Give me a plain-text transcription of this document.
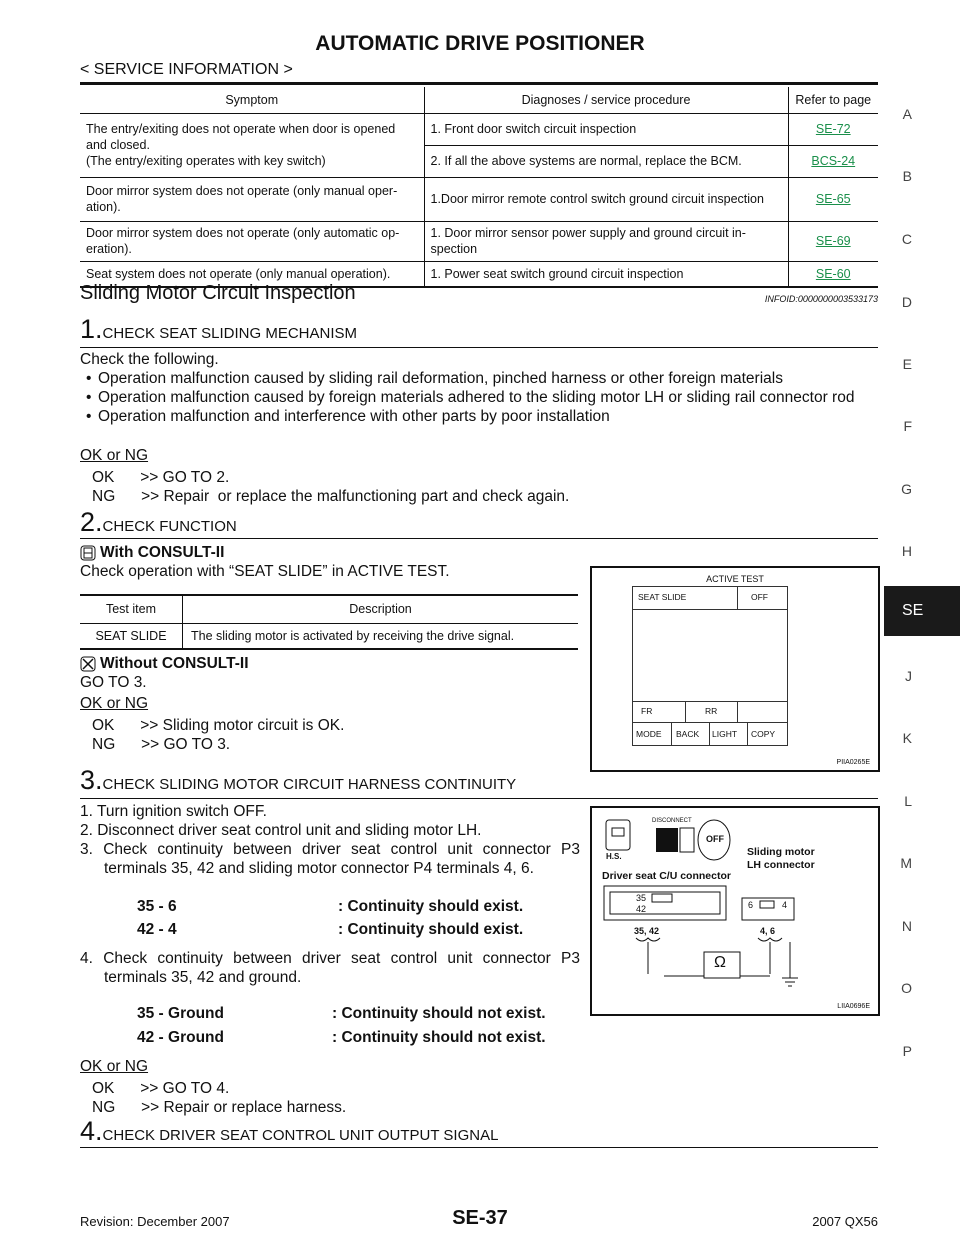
AUTOMATIC DRIVE POSITIONER
< SERVICE INFORMATION >
Symptom	Diagnoses / service procedure	Refer to page
The entry/exiting does not operate when door is opened and closed.
(The entry/exiting operates with key switch)	1. Front door switch circuit inspection	SE-72
	2. If all the above systems are normal, replace the BCM.	BCS-24
Door mirror system does not operate (only manual oper-ation).	1.Door mirror remote control switch ground circuit inspection	SE-65
Door mirror system does not operate (only automatic op-eration).	1. Door mirror sensor power supply and ground circuit in-spection	SE-69
Seat system does not operate (only manual operation).	1. Power seat switch ground circuit inspection	SE-60
Sliding Motor Circuit Inspection	INFOID:0000000003533173
1.CHECK SEAT SLIDING MECHANISM
Check the following.
• Operation malfunction caused by sliding rail deformation, pinched harness or other foreign materials
• Operation malfunction caused by foreign materials adhered to the sliding motor LH or sliding rail connector rod
• Operation malfunction and interference with other parts by poor installation
OK or NG
OK      >> GO TO 2.
NG      >> Repair  or replace the malfunctioning part and check again.
2.CHECK FUNCTION
With CONSULT-II
Check operation with “SEAT SLIDE” in ACTIVE TEST.
Test item	Description
SEAT SLIDE	The sliding motor is activated by receiving the drive signal.
Without CONSULT-II
GO TO 3.
OK or NG
OK      >> Sliding motor circuit is OK.
NG      >> GO TO 3.
ACTIVE TEST
SEAT SLIDE	OFF
FR	RR
MODE BACK LIGHT COPY
PIIA0265E
3.CHECK SLIDING MOTOR CIRCUIT HARNESS CONTINUITY
1. Turn ignition switch OFF.
2. Disconnect driver seat control unit and sliding motor LH.
3. Check continuity between driver seat control unit connector P3 terminals 35, 42 and sliding motor connector P4 terminals 4, 6.
35 - 6	: Continuity should exist.
42 - 4	: Continuity should exist.
4. Check continuity between driver seat control unit connector P3 terminals 35, 42 and ground.
35 - Ground	: Continuity should not exist.
42 - Ground	: Continuity should not exist.
OK or NG
OK      >> GO TO 4.
NG      >> Repair or replace harness.
H.S.
DISCONNECT
OFF
Driver seat C/U connector
Sliding motor LH connector
35
42	6	4
35, 42	4, 6
Ω
LIIA0696E
4.CHECK DRIVER SEAT CONTROL UNIT OUTPUT SIGNAL
A
B
C
D
E
F
G
H
SE
J
K
L
M
N
O
P
Revision: December 2007	SE-37	2007 QX56
